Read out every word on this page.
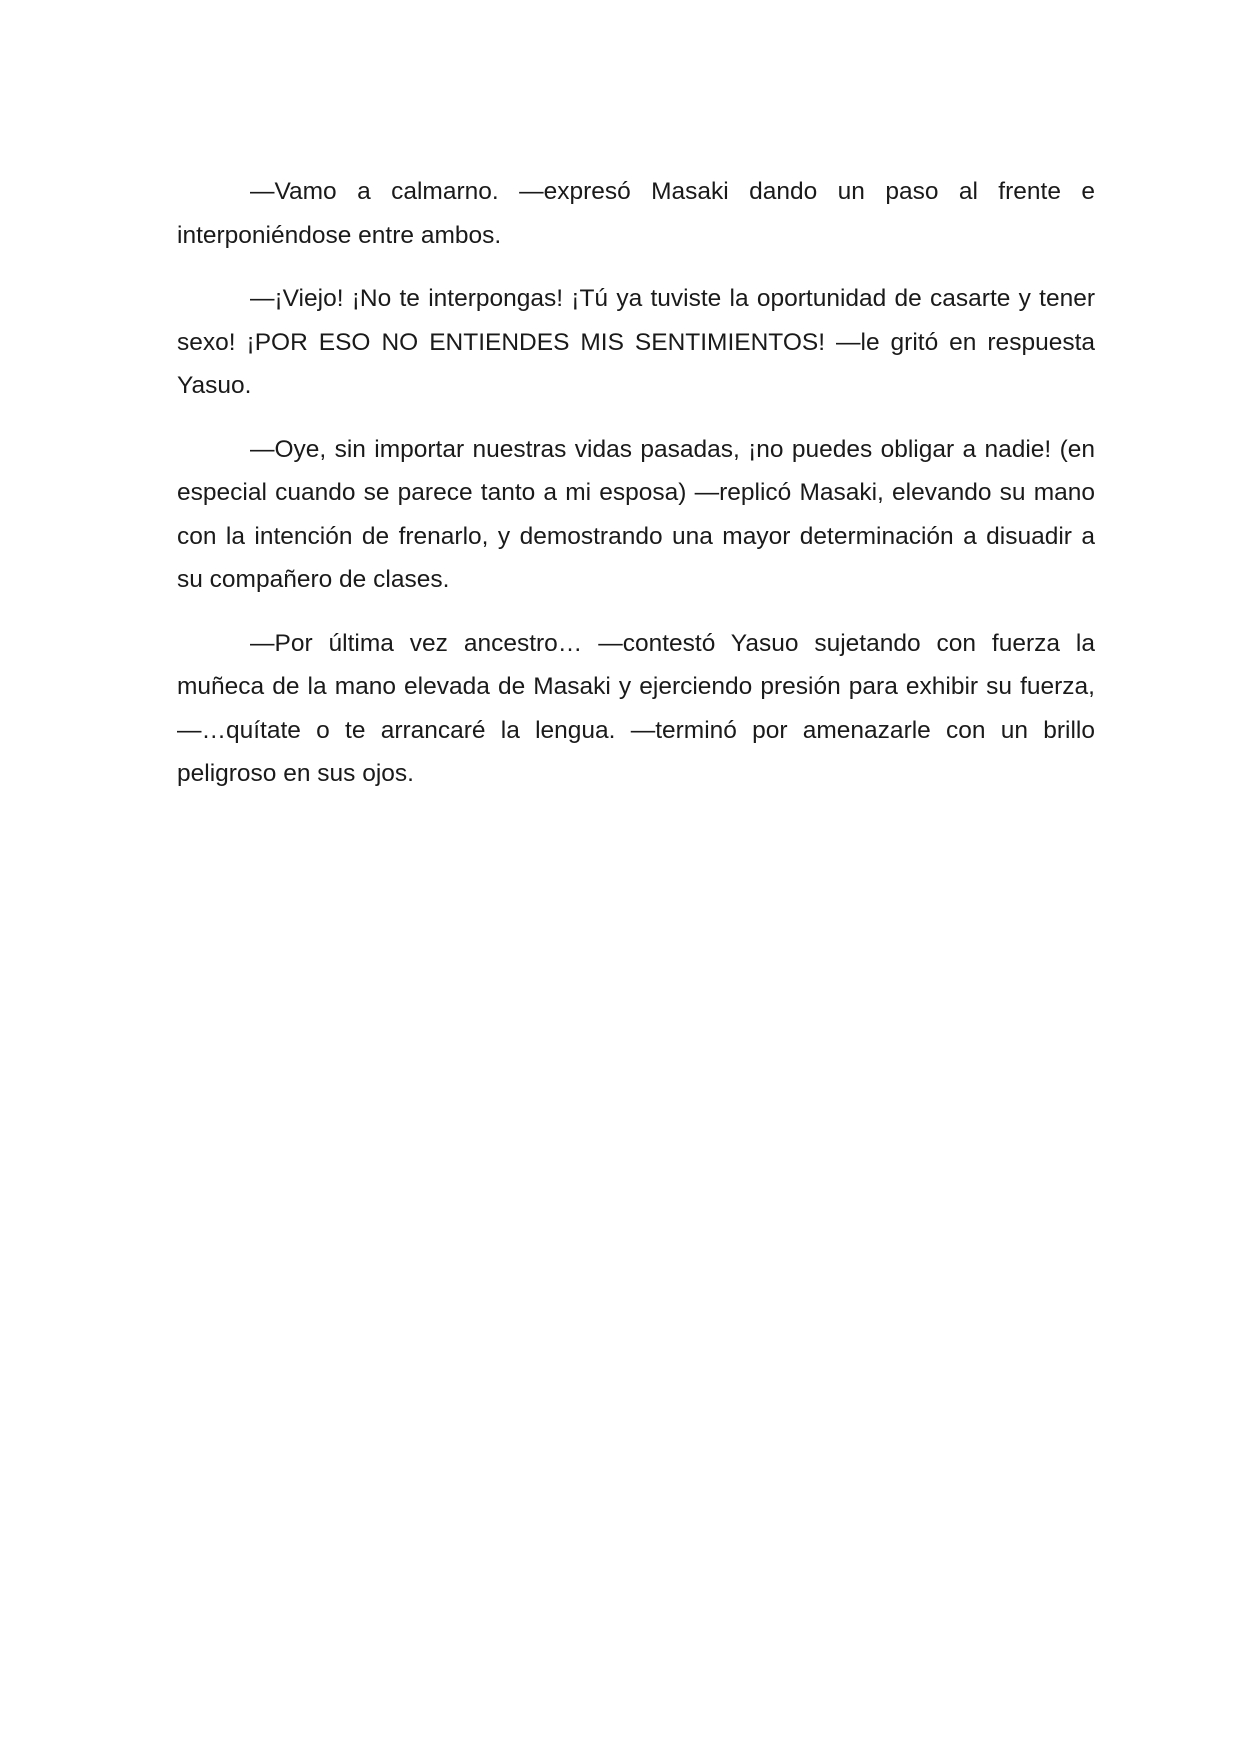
—Vamo a calmarno. —expresó Masaki dando un paso al frente e interponiéndose entre ambos.

—¡Viejo! ¡No te interpongas! ¡Tú ya tuviste la oportunidad de casarte y tener sexo! ¡POR ESO NO ENTIENDES MIS SENTIMIENTOS! —le gritó en respuesta Yasuo.

—Oye, sin importar nuestras vidas pasadas, ¡no puedes obligar a nadie! (en especial cuando se parece tanto a mi esposa) —replicó Masaki, elevando su mano con la intención de frenarlo, y demostrando una mayor determinación a disuadir a su compañero de clases.

—Por última vez ancestro… —contestó Yasuo sujetando con fuerza la muñeca de la mano elevada de Masaki y ejerciendo presión para exhibir su fuerza, —…quítate o te arrancaré la lengua. —terminó por amenazarle con un brillo peligroso en sus ojos.
